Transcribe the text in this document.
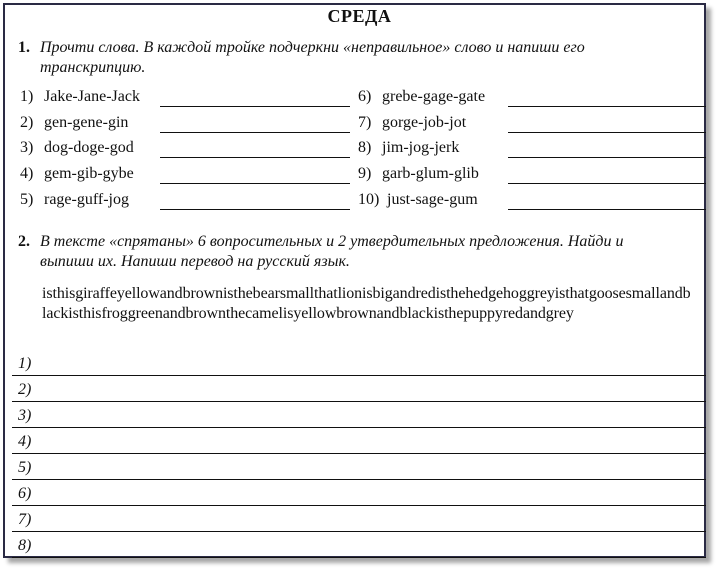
СРЕДА
1. Прочти слова. В каждой тройке подчеркни «неправильное» слово и напиши его транскрипцию.
1) Jake-Jane-Jack
2) gen-gene-gin
3) dog-doge-god
4) gem-gib-gybe
5) rage-guff-jog
6) grebe-gage-gate
7) gorge-job-jot
8) jim-jog-jerk
9) garb-glum-glib
10) just-sage-gum
2. В тексте «спрятаны» 6 вопросительных и 2 утвердительных предложения. Найди и выпиши их. Напиши перевод на русский язык.
isthisgiraffeyellowandbrownisthebearsmallthatlionisbigandredisthehedgehoggreyisthatgoosesmallandblackisthisfroggreenandbrownthecamelisyellowbrownandblackisthepuppyredandgrey
1)
2)
3)
4)
5)
6)
7)
8)
